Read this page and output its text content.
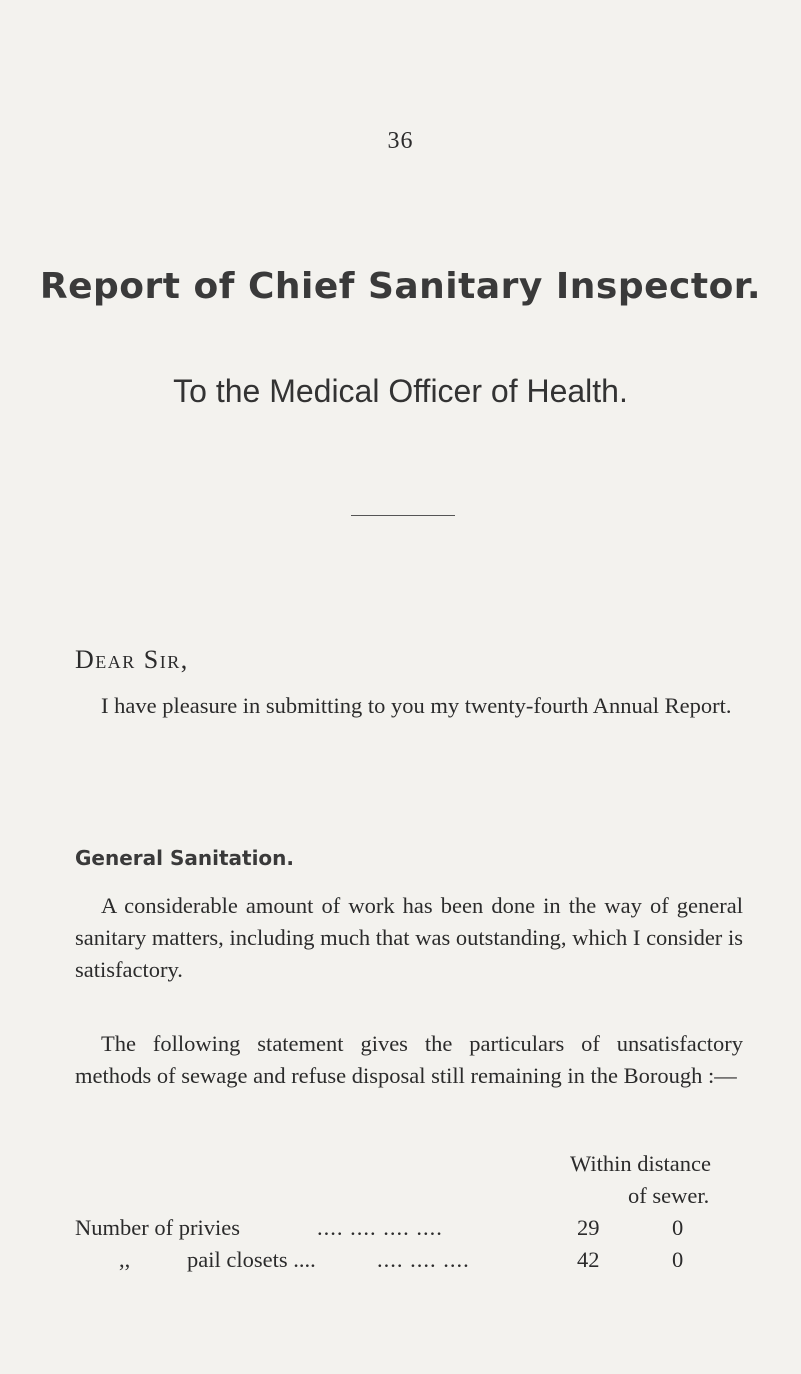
36
Report of Chief Sanitary Inspector.
To the Medical Officer of Health.
Dear Sir,
I have pleasure in submitting to you my twenty-fourth Annual Report.
General Sanitation.
A considerable amount of work has been done in the way of general sanitary matters, including much that was outstanding, which I consider is satisfactory.
The following statement gives the particulars of unsatisfactory methods of sewage and refuse disposal still remaining in the Borough :—
Within distance
of sewer.
Number of privies	.... .... .... ....	29	0
,,	pail closets ....	.... .... ....	42	0
